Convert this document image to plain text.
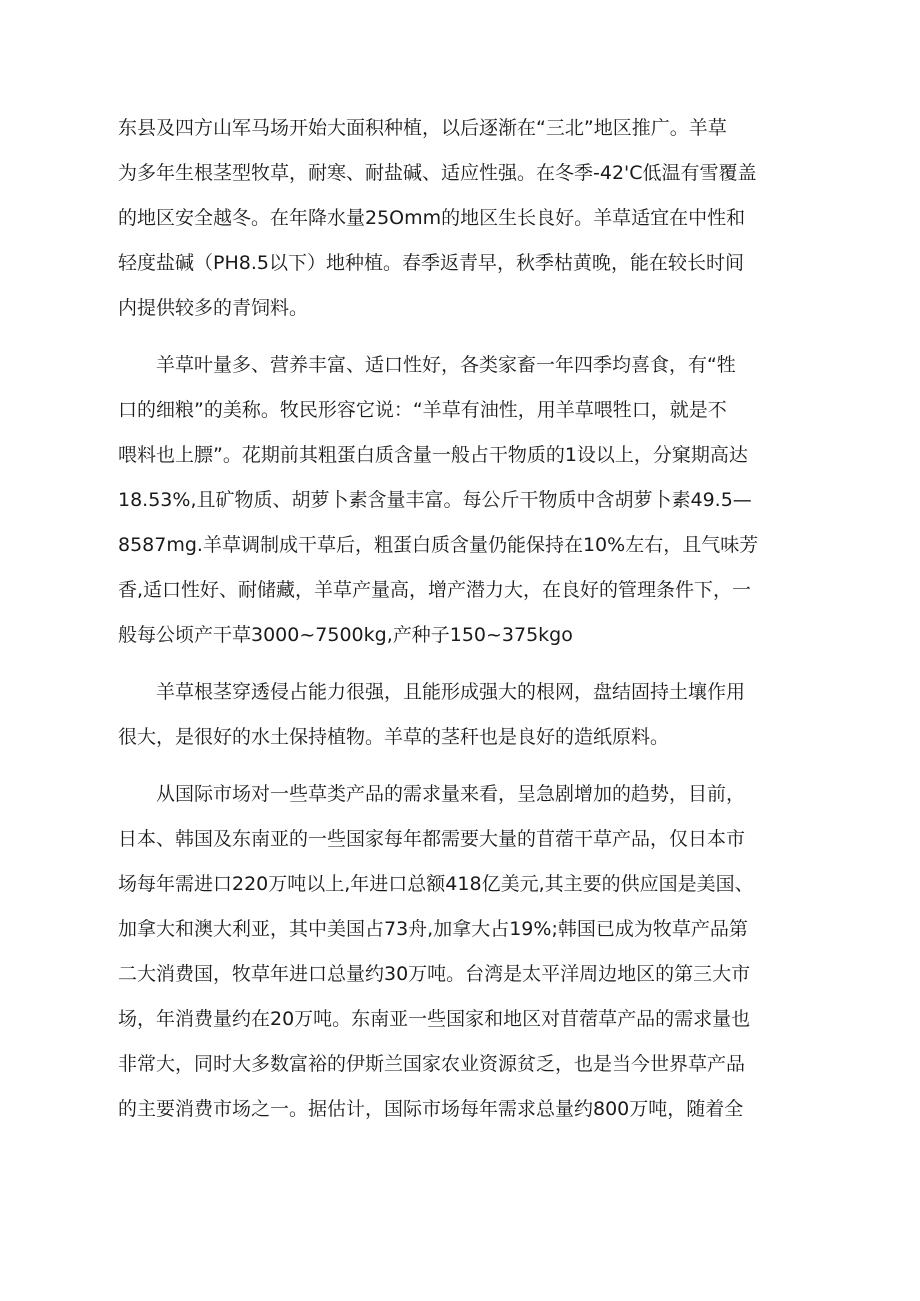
东县及四方山军马场开始大面积种植，以后逐渐在“三北”地区推广。羊草
为多年生根茎型牧草，耐寒、耐盐碱、适应性强。在冬季-42'C低温有雪覆盖
的地区安全越冬。在年降水量25Omm的地区生长良好。羊草适宜在中性和
轻度盐碱（PH8.5以下）地种植。春季返青早，秋季枯黄晚，能在较长时间
内提供较多的青饲料。
羊草叶量多、营养丰富、适口性好，各类家畜一年四季均喜食，有“牲
口的细粮”的美称。牧民形容它说：“羊草有油性，用羊草喂牲口，就是不
喂料也上膘”。花期前其粗蛋白质含量一般占干物质的1设以上，分窠期高达
18.53%,且矿物质、胡萝卜素含量丰富。每公斤干物质中含胡萝卜素49.5—
8587mg.羊草调制成干草后，粗蛋白质含量仍能保持在10%左右，且气味芳
香,适口性好、耐储藏，羊草产量高，增产潜力大，在良好的管理条件下，一
般每公顷产干草3000~7500kg,产种子150~375kgo
羊草根茎穿透侵占能力很强，且能形成强大的根网，盘结固持土壤作用
很大，是很好的水土保持植物。羊草的茎秆也是良好的造纸原料。
从国际市场对一些草类产品的需求量来看，呈急剧增加的趋势，目前，
日本、韩国及东南亚的一些国家每年都需要大量的苜蓿干草产品，仅日本市
场每年需进口220万吨以上,年进口总额418亿美元,其主要的供应国是美国、
加拿大和澳大利亚，其中美国占73舟,加拿大占19%;韩国已成为牧草产品第
二大消费国，牧草年进口总量约30万吨。台湾是太平洋周边地区的第三大市
场，年消费量约在20万吨。东南亚一些国家和地区对苜蓿草产品的需求量也
非常大，同时大多数富裕的伊斯兰国家农业资源贫乏，也是当今世界草产品
的主要消费市场之一。据估计，国际市场每年需求总量约800万吨，随着全
